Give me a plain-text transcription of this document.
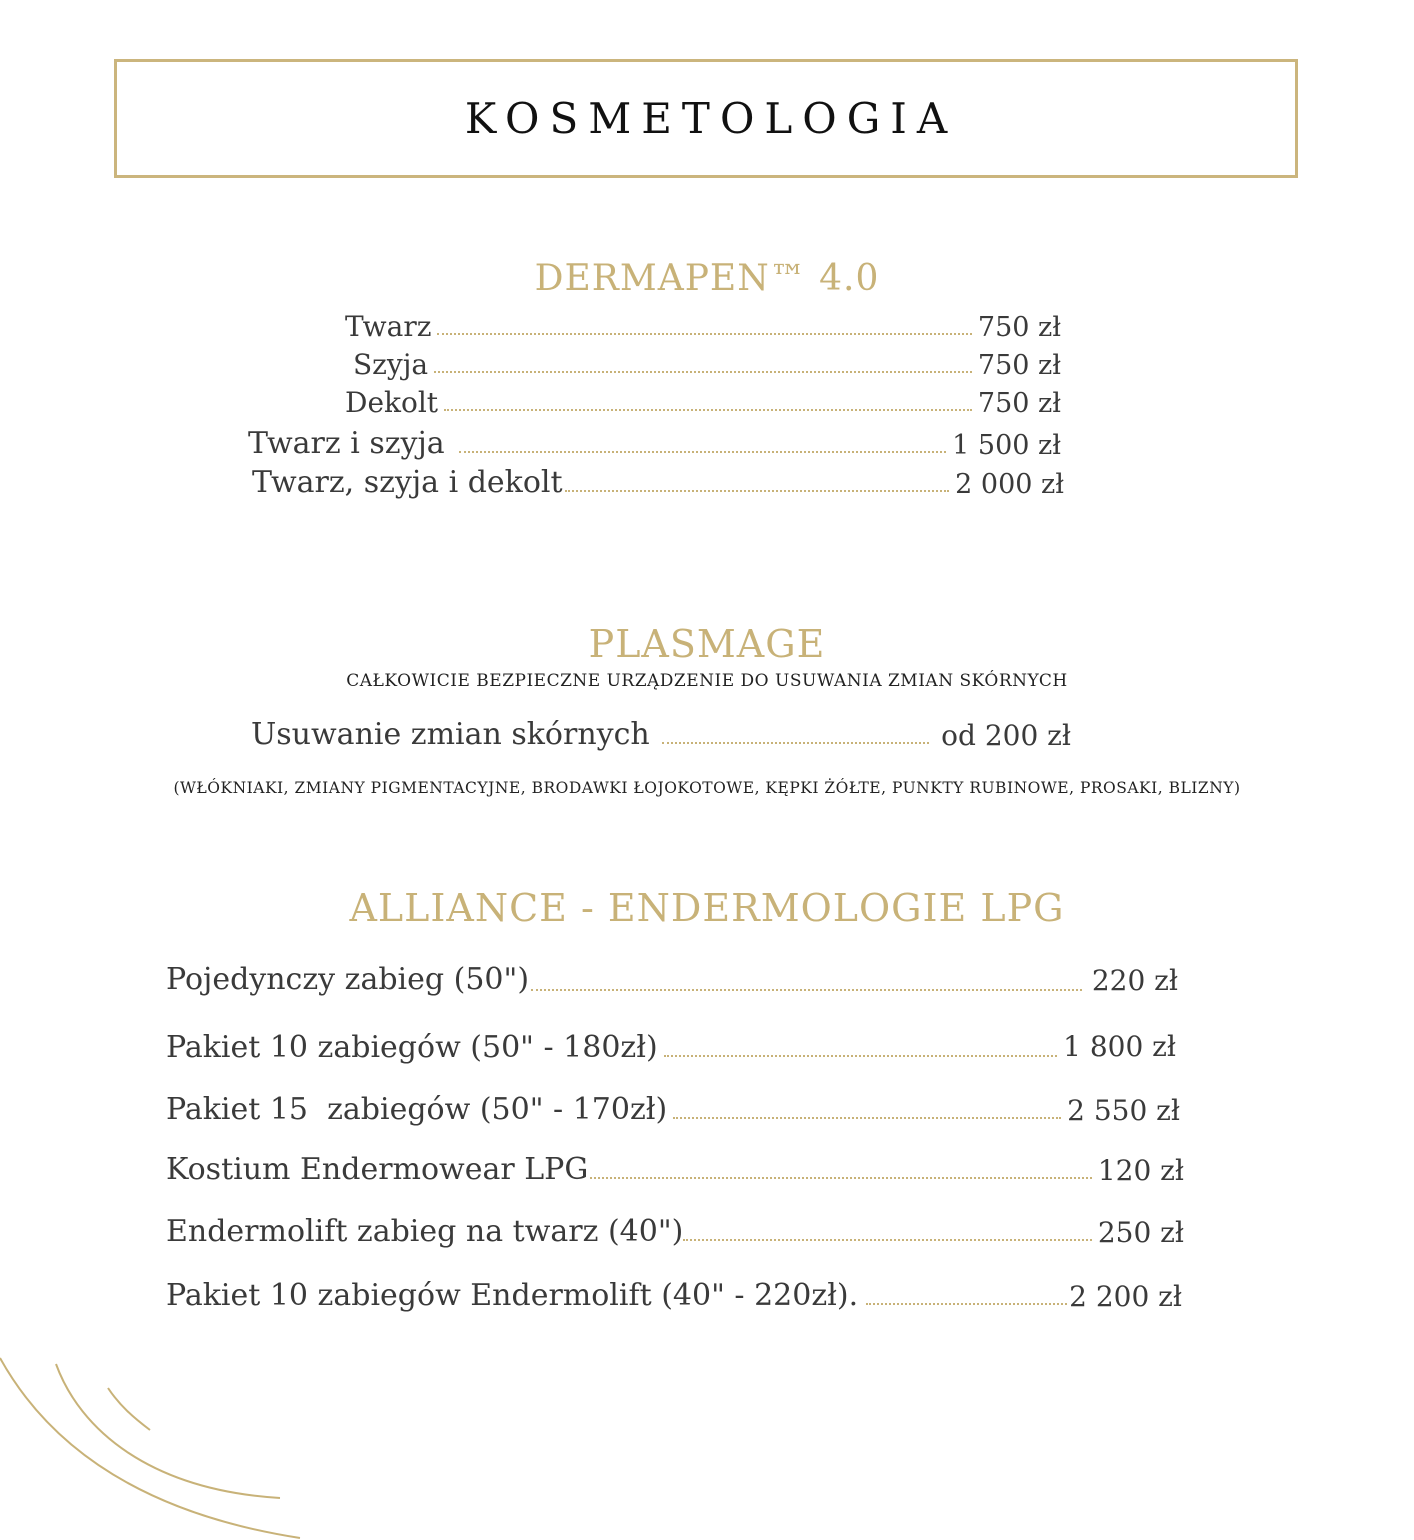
KOSMETOLOGIA
DERMAPEN™ 4.0
Twarz	750 zł
Szyja	750 zł
Dekolt	750 zł
Twarz i szyja	1 500 zł
Twarz, szyja i dekolt	2 000 zł
PLASMAGE
CAŁKOWICIE BEZPIECZNE URZĄDZENIE DO USUWANIA ZMIAN SKÓRNYCH
Usuwanie zmian skórnych	od 200 zł
(WŁÓKNIAKI, ZMIANY PIGMENTACYJNE, BRODAWKI ŁOJOKOTOWE, KĘPKI ŻÓŁTE, PUNKTY RUBINOWE, PROSAKI, BLIZNY)
ALLIANCE - ENDERMOLOGIE LPG
Pojedynczy zabieg (50")	220 zł
Pakiet 10 zabiegów (50" - 180zł)	1 800 zł
Pakiet 15  zabiegów (50" - 170zł)	2 550 zł
Kostium Endermowear LPG	120 zł
Endermolift zabieg na twarz (40")	250 zł
Pakiet 10 zabiegów Endermolift (40" - 220zł).	2 200 zł
